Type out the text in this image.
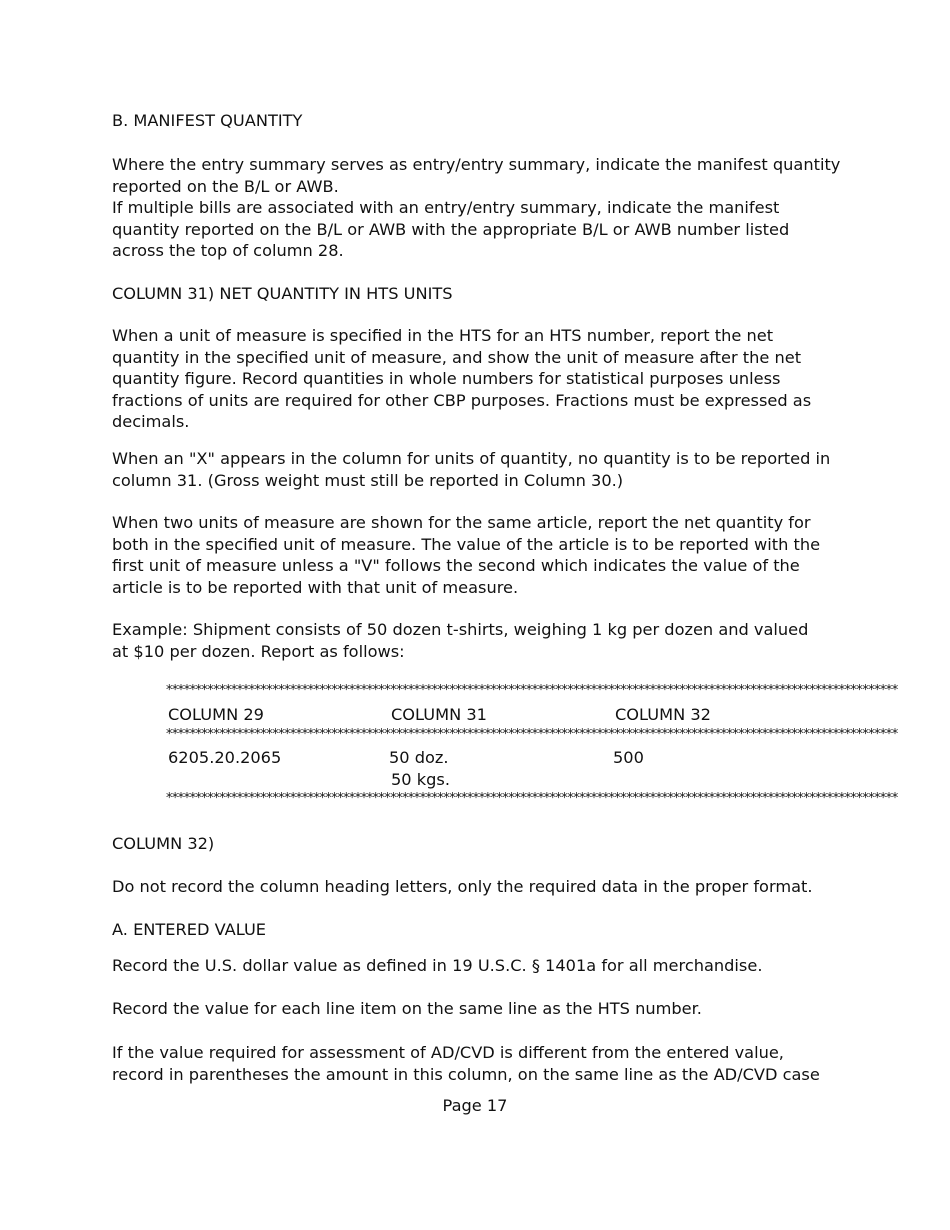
B. MANIFEST QUANTITY

Where the entry summary serves as entry/entry summary, indicate the manifest quantity
reported on the B/L or AWB.
If multiple bills are associated with an entry/entry summary, indicate the manifest
quantity reported on the B/L or AWB with the appropriate B/L or AWB number listed
across the top of column 28.

COLUMN 31) NET QUANTITY IN HTS UNITS

When a unit of measure is specified in the HTS for an HTS number, report the net
quantity in the specified unit of measure, and show the unit of measure after the net
quantity figure. Record quantities in whole numbers for statistical purposes unless
fractions of units are required for other CBP purposes. Fractions must be expressed as
decimals.

When an "X" appears in the column for units of quantity, no quantity is to be reported in
column 31. (Gross weight must still be reported in Column 30.)

When two units of measure are shown for the same article, report the net quantity for
both in the specified unit of measure. The value of the article is to be reported with the
first unit of measure unless a "V" follows the second which indicates the value of the
article is to be reported with that unit of measure.

Example: Shipment consists of 50 dozen t-shirts, weighing 1 kg per dozen and valued
at $10 per dozen. Report as follows:

****************************************************************************************************************************
COLUMN 29	COLUMN 31	COLUMN 32
****************************************************************************************************************************
6205.20.2065	50 doz.	500
50 kgs.
****************************************************************************************************************************

COLUMN 32)

Do not record the column heading letters, only the required data in the proper format.

A. ENTERED VALUE

Record the U.S. dollar value as defined in 19 U.S.C. § 1401a for all merchandise.

Record the value for each line item on the same line as the HTS number.

If the value required for assessment of AD/CVD is different from the entered value,
record in parentheses the amount in this column, on the same line as the AD/CVD case

Page 17
